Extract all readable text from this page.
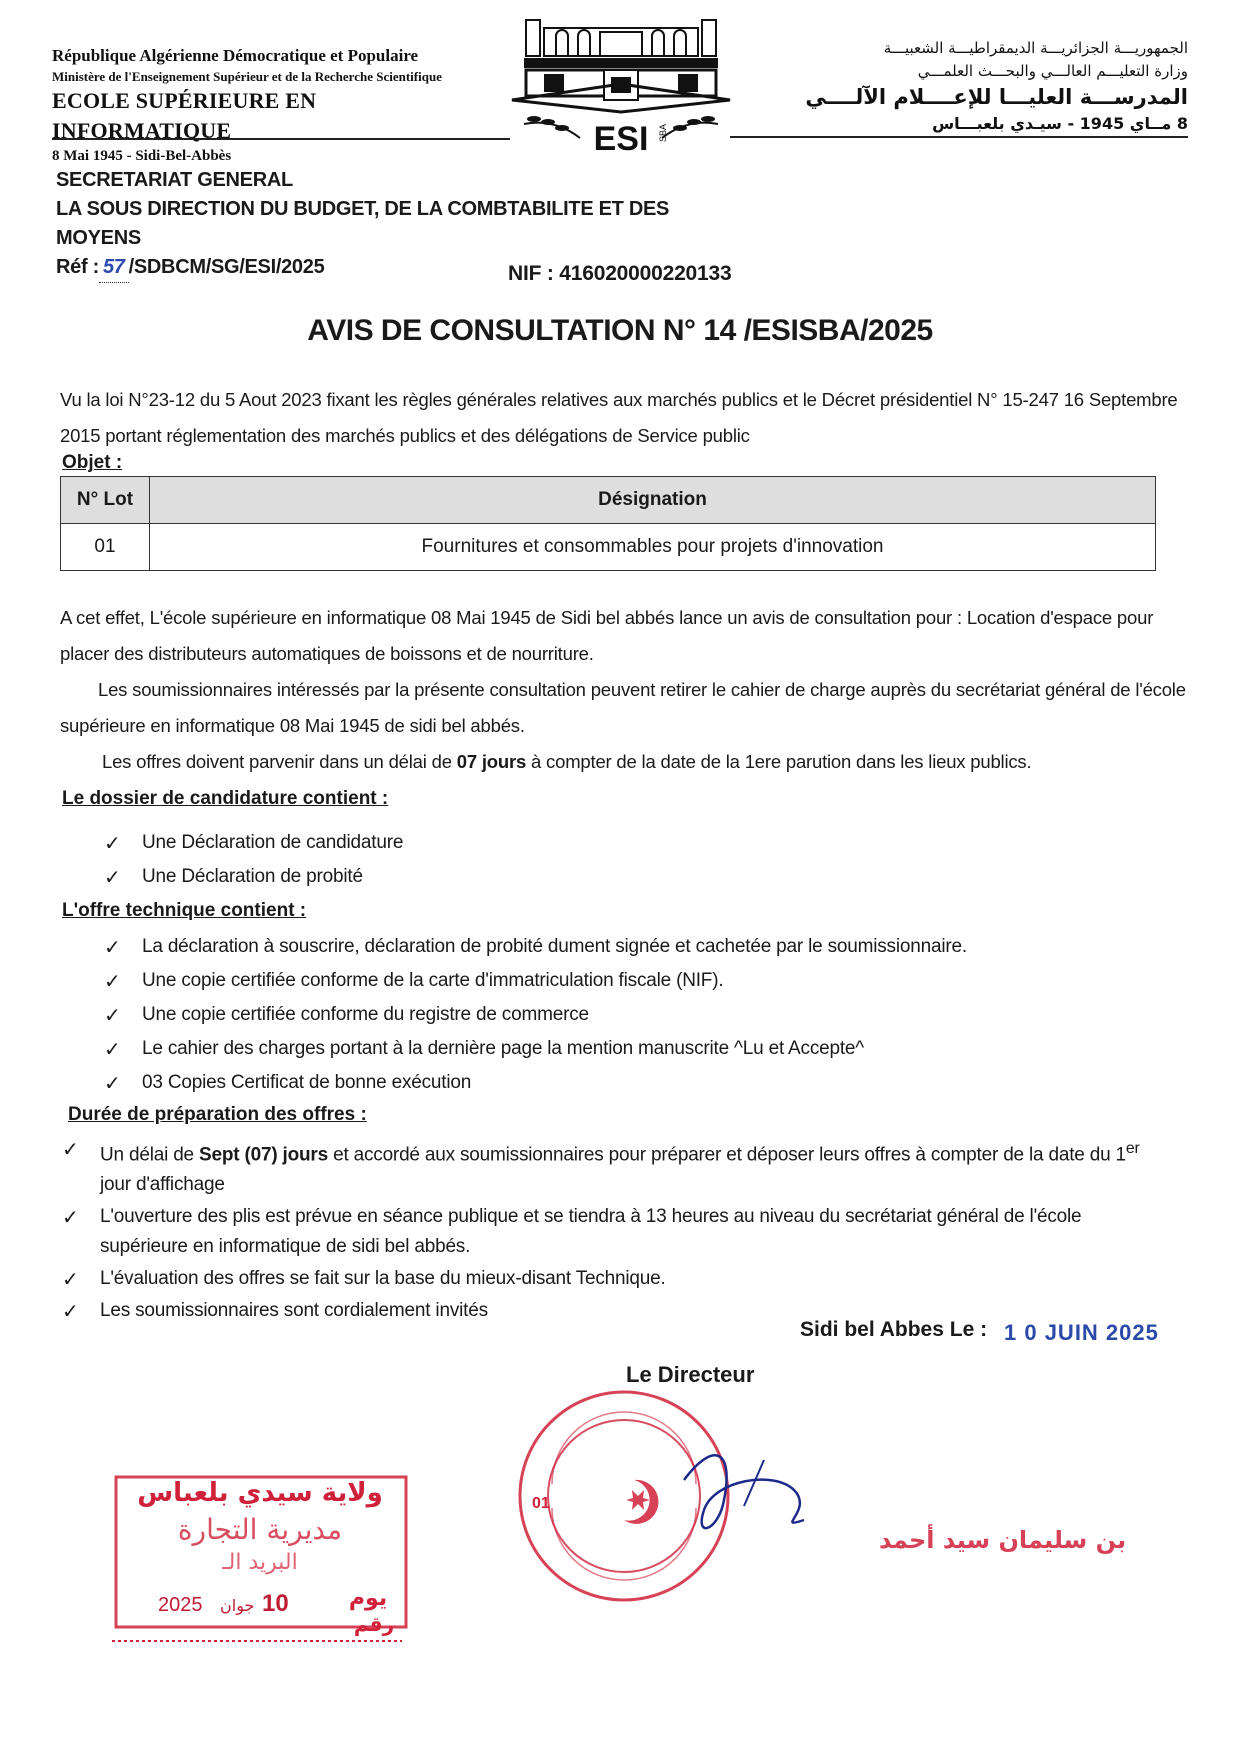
République Algérienne Démocratique et Populaire
Ministère de l'Enseignement Supérieur et de la Recherche Scientifique
ECOLE SUPÉRIEURE EN INFORMATIQUE
8 Mai 1945 - Sidi-Bel-Abbès	ESI SBA
الجمهوريـــة الجزائريـــة الديمقراطيـــة الشعبيـــة
وزارة التعليـــم العالـــي والبحـــث العلمـــي
المدرســـة العليـــا للإعــــلام الآلــــي
8 مــاي 1945 - سيـدي بلعبـــاس
SECRETARIAT GENERAL
LA SOUS DIRECTION DU BUDGET, DE LA COMBTABILITE ET DES MOYENS
Réf : 57 /SDBCM/SG/ESI/2025	NIF : 416020000220133
AVIS DE CONSULTATION N° 14 /ESISBA/2025
Vu la loi N°23-12 du 5 Aout 2023 fixant les règles générales relatives aux marchés publics et le Décret présidentiel N° 15-247 16 Septembre 2015 portant réglementation des marchés publics et des délégations de Service public
Objet :
N° Lot	Désignation
01	Fournitures et consommables pour projets d'innovation
A cet effet, L'école supérieure en informatique 08 Mai 1945 de Sidi bel abbés lance un avis de consultation pour : Location d'espace pour placer des distributeurs automatiques de boissons et de nourriture.
Les soumissionnaires intéressés par la présente consultation peuvent retirer le cahier de charge auprès du secrétariat général de l'école supérieure en informatique 08 Mai 1945 de sidi bel abbés.
Les offres doivent parvenir dans un délai de 07 jours à compter de la date de la 1ere parution dans les lieux publics.
Le dossier de candidature contient :
✓ Une Déclaration de candidature
✓ Une Déclaration de probité
L'offre technique contient :
✓ La déclaration à souscrire, déclaration de probité dument signée et cachetée par le soumissionnaire.
✓ Une copie certifiée conforme de la carte d'immatriculation fiscale (NIF).
✓ Une copie certifiée conforme du registre de commerce
✓ Le cahier des charges portant à la dernière page la mention manuscrite ^Lu et Accepte^
✓ 03 Copies Certificat de bonne exécution
Durée de préparation des offres :
✓ Un délai de Sept (07) jours et accordé aux soumissionnaires pour préparer et déposer leurs offres à compter de la date du 1er jour d'affichage
✓ L'ouverture des plis est prévue en séance publique et se tiendra à 13 heures au niveau du secrétariat général de l'école supérieure en informatique de sidi bel abbés.
✓ L'évaluation des offres se fait sur la base du mieux-disant Technique.
✓ Les soumissionnaires sont cordialement invités
Sidi bel Abbes Le : 1 0 JUIN 2025
Le Directeur
ولاية سيدي بلعباس
مديرية التجارة
البريد الـ
2025 جوان 10	يوم
رقم
01
بن سليمان سيد أحمد
